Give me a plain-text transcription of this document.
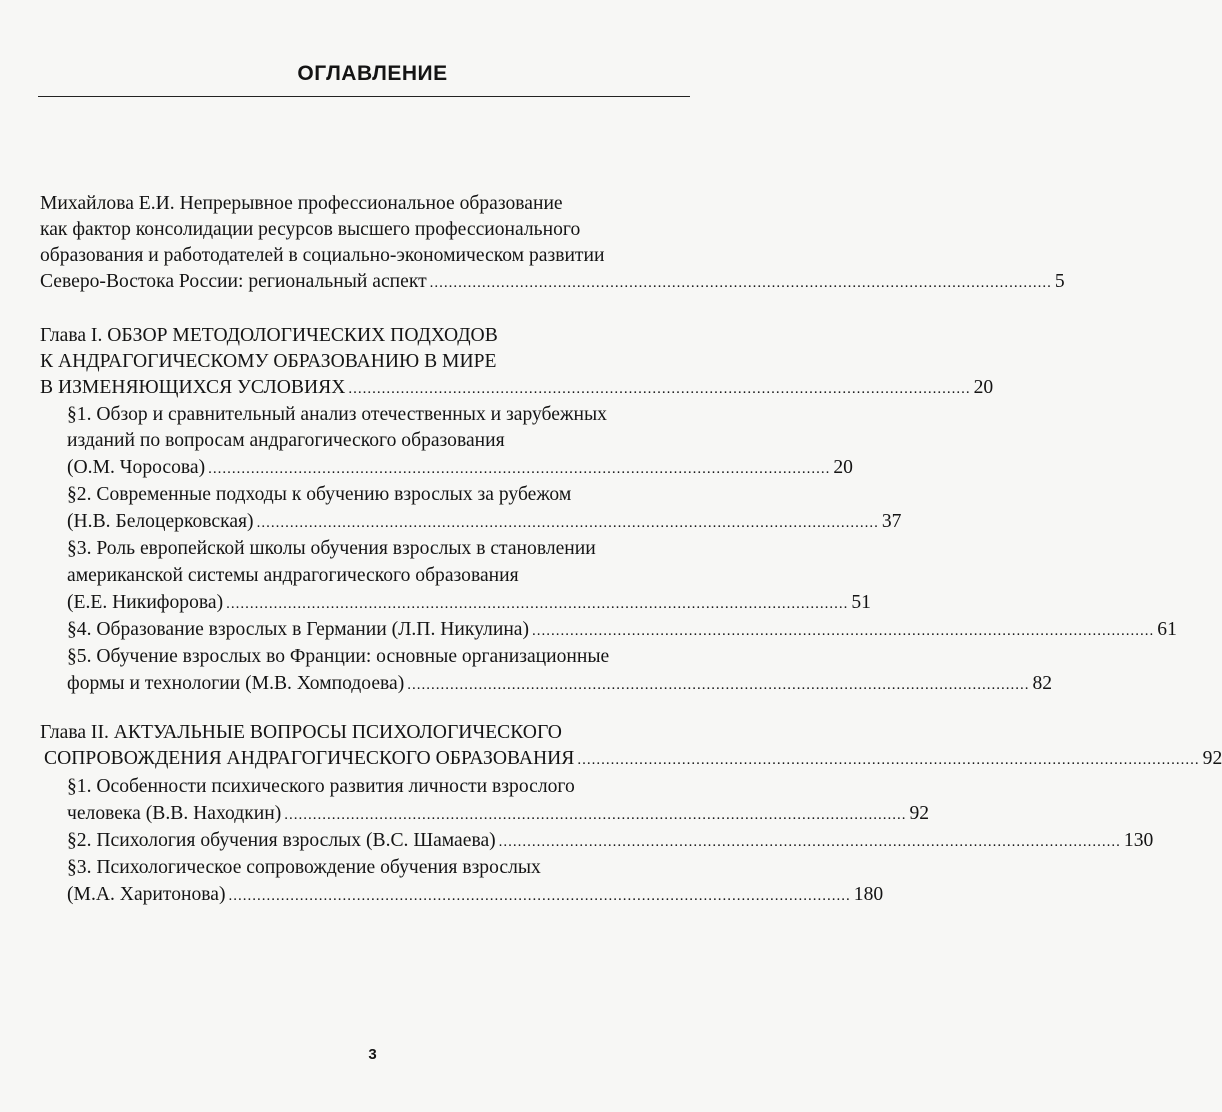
ОГЛАВЛЕНИЕ
Михайлова Е.И. Непрерывное профессиональное образование
как фактор консолидации ресурсов высшего профессионального
образования и работодателей в социально-экономическом развитии
Северо-Востока России: региональный аспект ................................................................................................................................... 5
Глава I. ОБЗОР МЕТОДОЛОГИЧЕСКИХ ПОДХОДОВ
К АНДРАГОГИЧЕСКОМУ ОБРАЗОВАНИЮ В МИРЕ
В ИЗМЕНЯЮЩИХСЯ УСЛОВИЯХ ................................................................................................................................... 20
§1. Обзор и сравнительный анализ отечественных и зарубежных
изданий по вопросам андрагогического образования
(О.М. Чоросова) ................................................................................................................................... 20
§2. Современные подходы к обучению взрослых за рубежом
(Н.В. Белоцерковская) ................................................................................................................................... 37
§3. Роль европейской школы обучения взрослых в становлении
американской системы андрагогического образования
(Е.Е. Никифорова) ................................................................................................................................... 51
§4. Образование взрослых в Германии (Л.П. Никулина) ................................................................................................................................... 61
§5. Обучение взрослых во Франции: основные организационные
формы и технологии (М.В. Хомподоева) ................................................................................................................................... 82
Глава II. АКТУАЛЬНЫЕ ВОПРОСЫ ПСИХОЛОГИЧЕСКОГО
СОПРОВОЖДЕНИЯ АНДРАГОГИЧЕСКОГО ОБРАЗОВАНИЯ ................................................................................................................................... 92
§1. Особенности психического развития личности взрослого
человека (В.В. Находкин) ................................................................................................................................... 92
§2. Психология обучения взрослых (В.С. Шамаева) ................................................................................................................................... 130
§3. Психологическое сопровождение обучения взрослых
(М.А. Харитонова) ................................................................................................................................... 180
3
